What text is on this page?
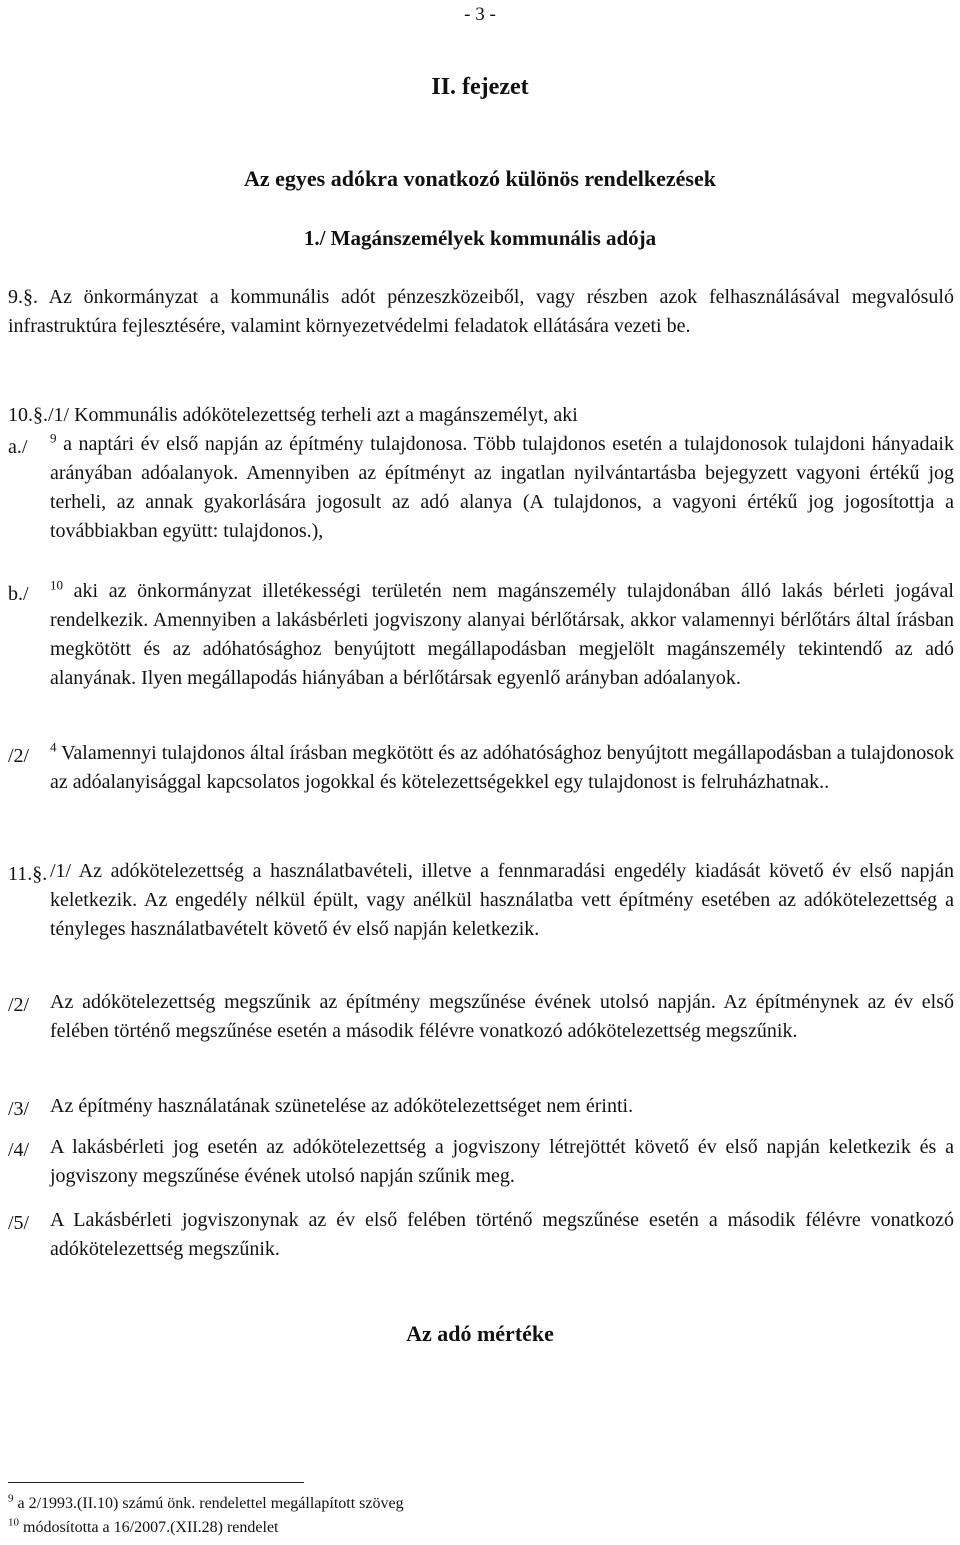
- 3 -
II. fejezet
Az egyes adókra vonatkozó különös rendelkezések
1./ Magánszemélyek kommunális adója

9.§. Az önkormányzat a kommunális adót pénzeszközeiből, vagy részben azok felhasználásával megvalósuló infrastruktúra fejlesztésére, valamint környezetvédelmi feladatok ellátására vezeti be.

10.§./1/ Kommunális adókötelezettség terheli azt a magánszemélyt, aki

a./ $^9$ a naptári év első napján az építmény tulajdonosa. Több tulajdonos esetén a tulajdonosok tulajdoni hányadaik arányában adóalanyok. Amennyiben az építményt az ingatlan nyilvántartásba bejegyzett vagyoni értékű jog terheli, az annak gyakorlására jogosult az adó alanya (A tulajdonos, a vagyoni értékű jog jogosítottja a továbbiakban együtt: tulajdonos.),
b./ $^{10}$ aki az önkormányzat illetékességi területén nem magánszemély tulajdonában álló lakás bérleti jogával rendelkezik. Amennyiben a lakásbérleti jogviszony alanyai bérlőtársak, akkor valamennyi bérlőtárs által írásban megkötött és az adóhatósághoz benyújtott megállapodásban megjelölt magánszemély tekintendő az adó alanyának. Ilyen megállapodás hiányában a bérlőtársak egyenlő arányban adóalanyok.
/2/ $^4$ Valamennyi tulajdonos által írásban megkötött és az adóhatósághoz benyújtott megállapodásban a tulajdonosok az adóalanyisággal kapcsolatos jogokkal és kötelezettségekkel egy tulajdonost is felruházhatnak..
11.§. /1/ Az adókötelezettség a használatbavételi, illetve a fennmaradási engedély kiadását követő év első napján keletkezik. Az engedély nélkül épült, vagy anélkül használatba vett építmény esetében az adókötelezettség a tényleges használatbavételt követő év első napján keletkezik.
/2/ Az adókötelezettség megszűnik az építmény megszűnése évének utolsó napján. Az építménynek az év első felében történő megszűnése esetén a második félévre vonatkozó adókötelezettség megszűnik.
/3/ Az építmény használatának szünetelése az adókötelezettséget nem érinti.
/4/ A lakásbérleti jog esetén az adókötelezettség a jogviszony létrejöttét követő év első napján keletkezik és a jogviszony megszűnése évének utolsó napján szűnik meg.
/5/ A Lakásbérleti jogviszonynak az év első felében történő megszűnése esetén a második félévre vonatkozó adókötelezettség megszűnik.
Az adó mértéke
$^9$ a 2/1993.(II.10) számú önk. rendelettel megállapított szöveg
$^{10}$ módosította a 16/2007.(XII.28) rendelet
